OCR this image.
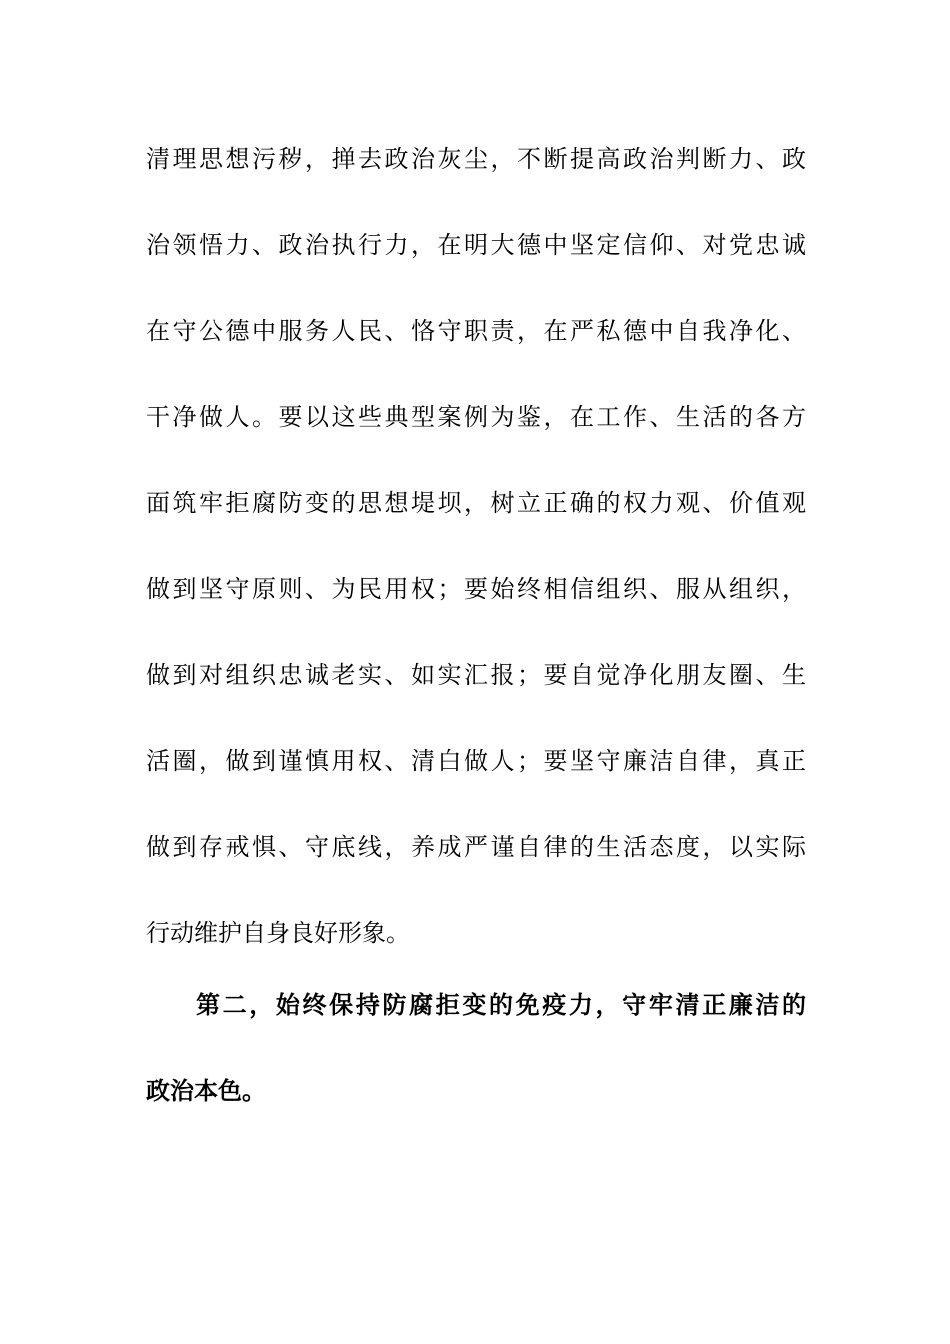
清理思想污秽，掸去政治灰尘，不断提高政治判断力、政
治领悟力、政治执行力，在明大德中坚定信仰、对党忠诚
在守公德中服务人民、恪守职责，在严私德中自我净化、
干净做人。要以这些典型案例为鉴，在工作、生活的各方
面筑牢拒腐防变的思想堤坝，树立正确的权力观、价值观
做到坚守原则、为民用权；要始终相信组织、服从组织，
做到对组织忠诚老实、如实汇报；要自觉净化朋友圈、生
活圈，做到谨慎用权、清白做人；要坚守廉洁自律，真正
做到存戒惧、守底线，养成严谨自律的生活态度，以实际
行动维护自身良好形象。
第二，始终保持防腐拒变的免疫力，守牢清正廉洁的
政治本色。
